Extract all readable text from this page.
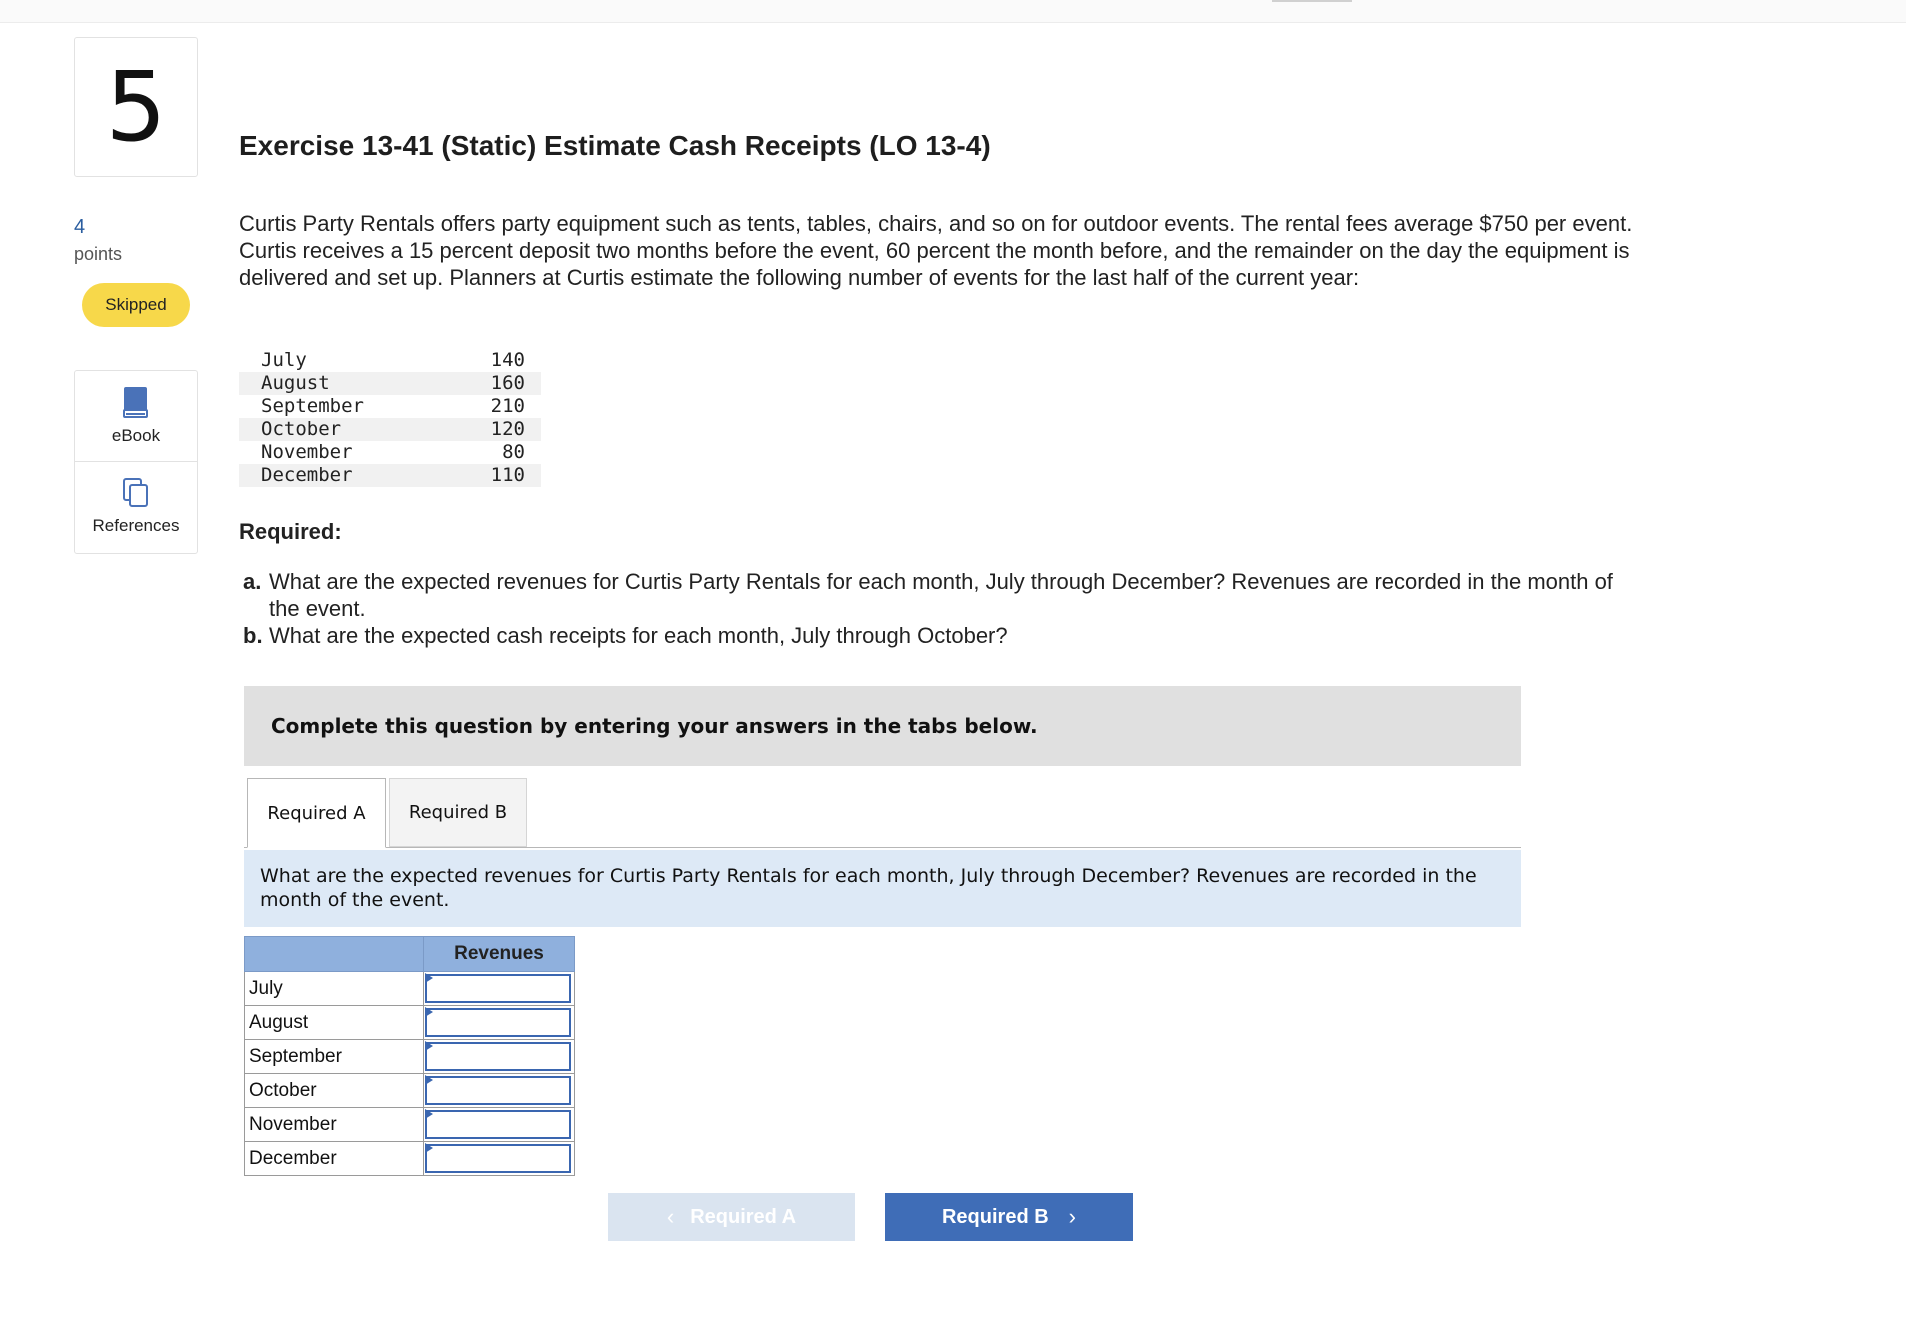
5
4
points
Skipped
eBook
References
Exercise 13-41 (Static) Estimate Cash Receipts (LO 13-4)
Curtis Party Rentals offers party equipment such as tents, tables, chairs, and so on for outdoor events. The rental fees average $750 per event. Curtis receives a 15 percent deposit two months before the event, 60 percent the month before, and the remainder on the day the equipment is delivered and set up. Planners at Curtis estimate the following number of events for the last half of the current year:
July	140
August	160
September	210
October	120
November	80
December	110
Required:
a. What are the expected revenues for Curtis Party Rentals for each month, July through December? Revenues are recorded in the month of the event.
b. What are the expected cash receipts for each month, July through October?
Complete this question by entering your answers in the tabs below.
Required A	Required B
What are the expected revenues for Curtis Party Rentals for each month, July through December? Revenues are recorded in the month of the event.
	Revenues
July	

August	

September	

October	

November	

December	
‹ Required A	Required B ›
